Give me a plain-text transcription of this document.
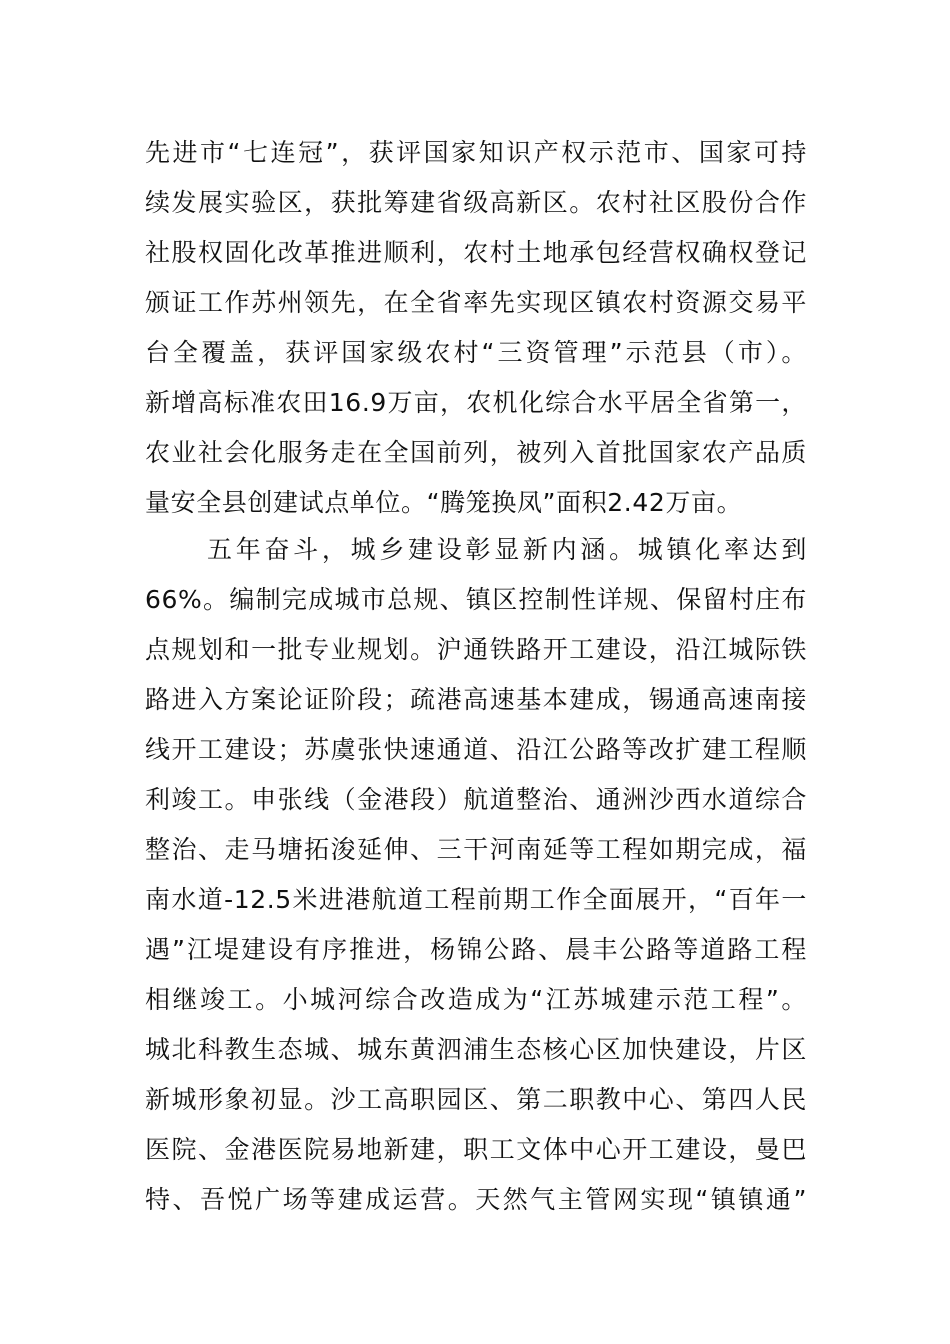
先进市“七连冠”，获评国家知识产权示范市、国家可持
续发展实验区，获批筹建省级高新区。农村社区股份合作
社股权固化改革推进顺利，农村土地承包经营权确权登记
颁证工作苏州领先，在全省率先实现区镇农村资源交易平
台全覆盖，获评国家级农村“三资管理”示范县（市）。
新增高标准农田16.9万亩，农机化综合水平居全省第一，
农业社会化服务走在全国前列，被列入首批国家农产品质
量安全县创建试点单位。“腾笼换凤”面积2.42万亩。
五年奋斗，城乡建设彰显新内涵。城镇化率达到
66%。编制完成城市总规、镇区控制性详规、保留村庄布
点规划和一批专业规划。沪通铁路开工建设，沿江城际铁
路进入方案论证阶段；疏港高速基本建成，锡通高速南接
线开工建设；苏虞张快速通道、沿江公路等改扩建工程顺
利竣工。申张线（金港段）航道整治、通洲沙西水道综合
整治、走马塘拓浚延伸、三干河南延等工程如期完成，福
南水道-12.5米进港航道工程前期工作全面展开，“百年一
遇”江堤建设有序推进，杨锦公路、晨丰公路等道路工程
相继竣工。小城河综合改造成为“江苏城建示范工程”。
城北科教生态城、城东黄泗浦生态核心区加快建设，片区
新城形象初显。沙工高职园区、第二职教中心、第四人民
医院、金港医院易地新建，职工文体中心开工建设，曼巴
特、吾悦广场等建成运营。天然气主管网实现“镇镇通”
